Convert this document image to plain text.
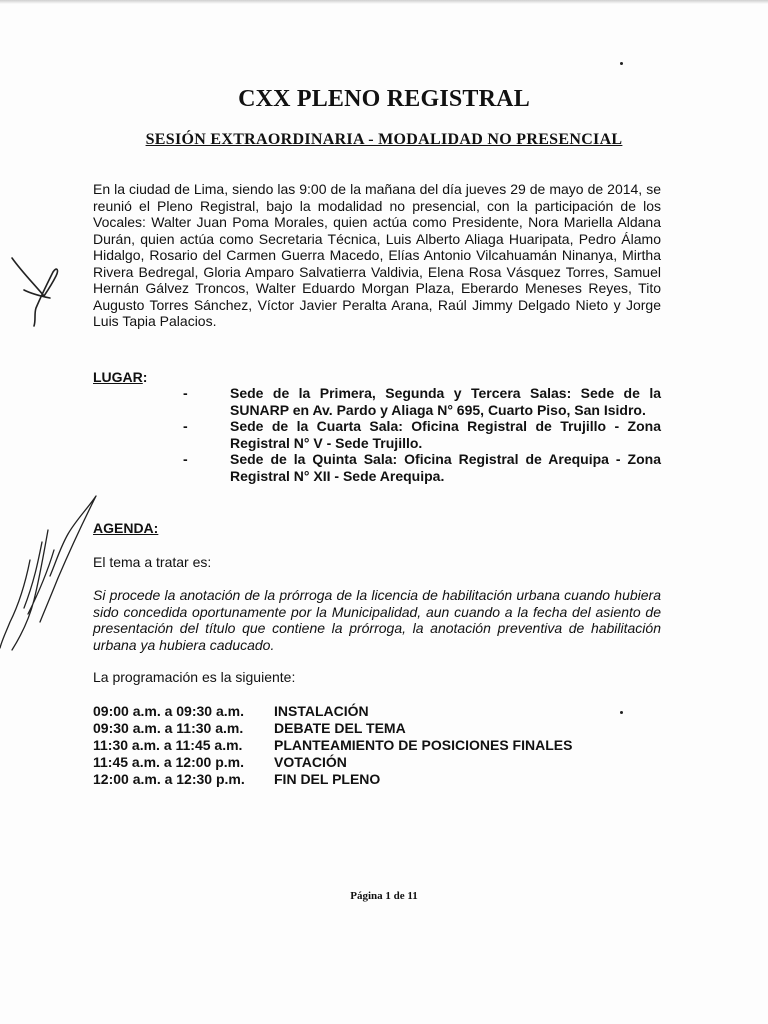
CXX PLENO REGISTRAL
SESIÓN EXTRAORDINARIA - MODALIDAD NO PRESENCIAL

En la ciudad de Lima, siendo las 9:00 de la mañana del día jueves 29 de mayo de 2014, se reunió el Pleno Registral, bajo la modalidad no presencial, con la participación de los Vocales: Walter Juan Poma Morales, quien actúa como Presidente, Nora Mariella Aldana Durán, quien actúa como Secretaria Técnica, Luis Alberto Aliaga Huaripata, Pedro Álamo Hidalgo, Rosario del Carmen Guerra Macedo, Elías Antonio Vilcahuamán Ninanya, Mirtha Rivera Bedregal, Gloria Amparo Salvatierra Valdivia, Elena Rosa Vásquez Torres, Samuel Hernán Gálvez Troncos, Walter Eduardo Morgan Plaza, Eberardo Meneses Reyes, Tito Augusto Torres Sánchez, Víctor Javier Peralta Arana, Raúl Jimmy Delgado Nieto y Jorge Luis Tapia Palacios.

LUGAR:

-	Sede de la Primera, Segunda y Tercera Salas: Sede de la SUNARP en Av. Pardo y Aliaga N° 695, Cuarto Piso, San Isidro.
-	Sede de la Cuarta Sala: Oficina Registral de Trujillo - Zona Registral N° V - Sede Trujillo.
-	Sede de la Quinta Sala: Oficina Registral de Arequipa - Zona Registral N° XII - Sede Arequipa.

AGENDA:

El tema a tratar es:

Si procede la anotación de la prórroga de la licencia de habilitación urbana cuando hubiera sido concedida oportunamente por la Municipalidad, aun cuando a la fecha del asiento de presentación del título que contiene la prórroga, la anotación preventiva de habilitación urbana ya hubiera caducado.

La programación es la siguiente:

09:00 a.m. a 09:30 a.m.	INSTALACIÓN
09:30 a.m. a 11:30 a.m.	DEBATE DEL TEMA
11:30 a.m. a 11:45 a.m.	PLANTEAMIENTO DE POSICIONES FINALES
11:45 a.m. a 12:00 p.m.	VOTACIÓN
12:00 a.m. a 12:30 p.m.	FIN DEL PLENO

Página 1 de 11
